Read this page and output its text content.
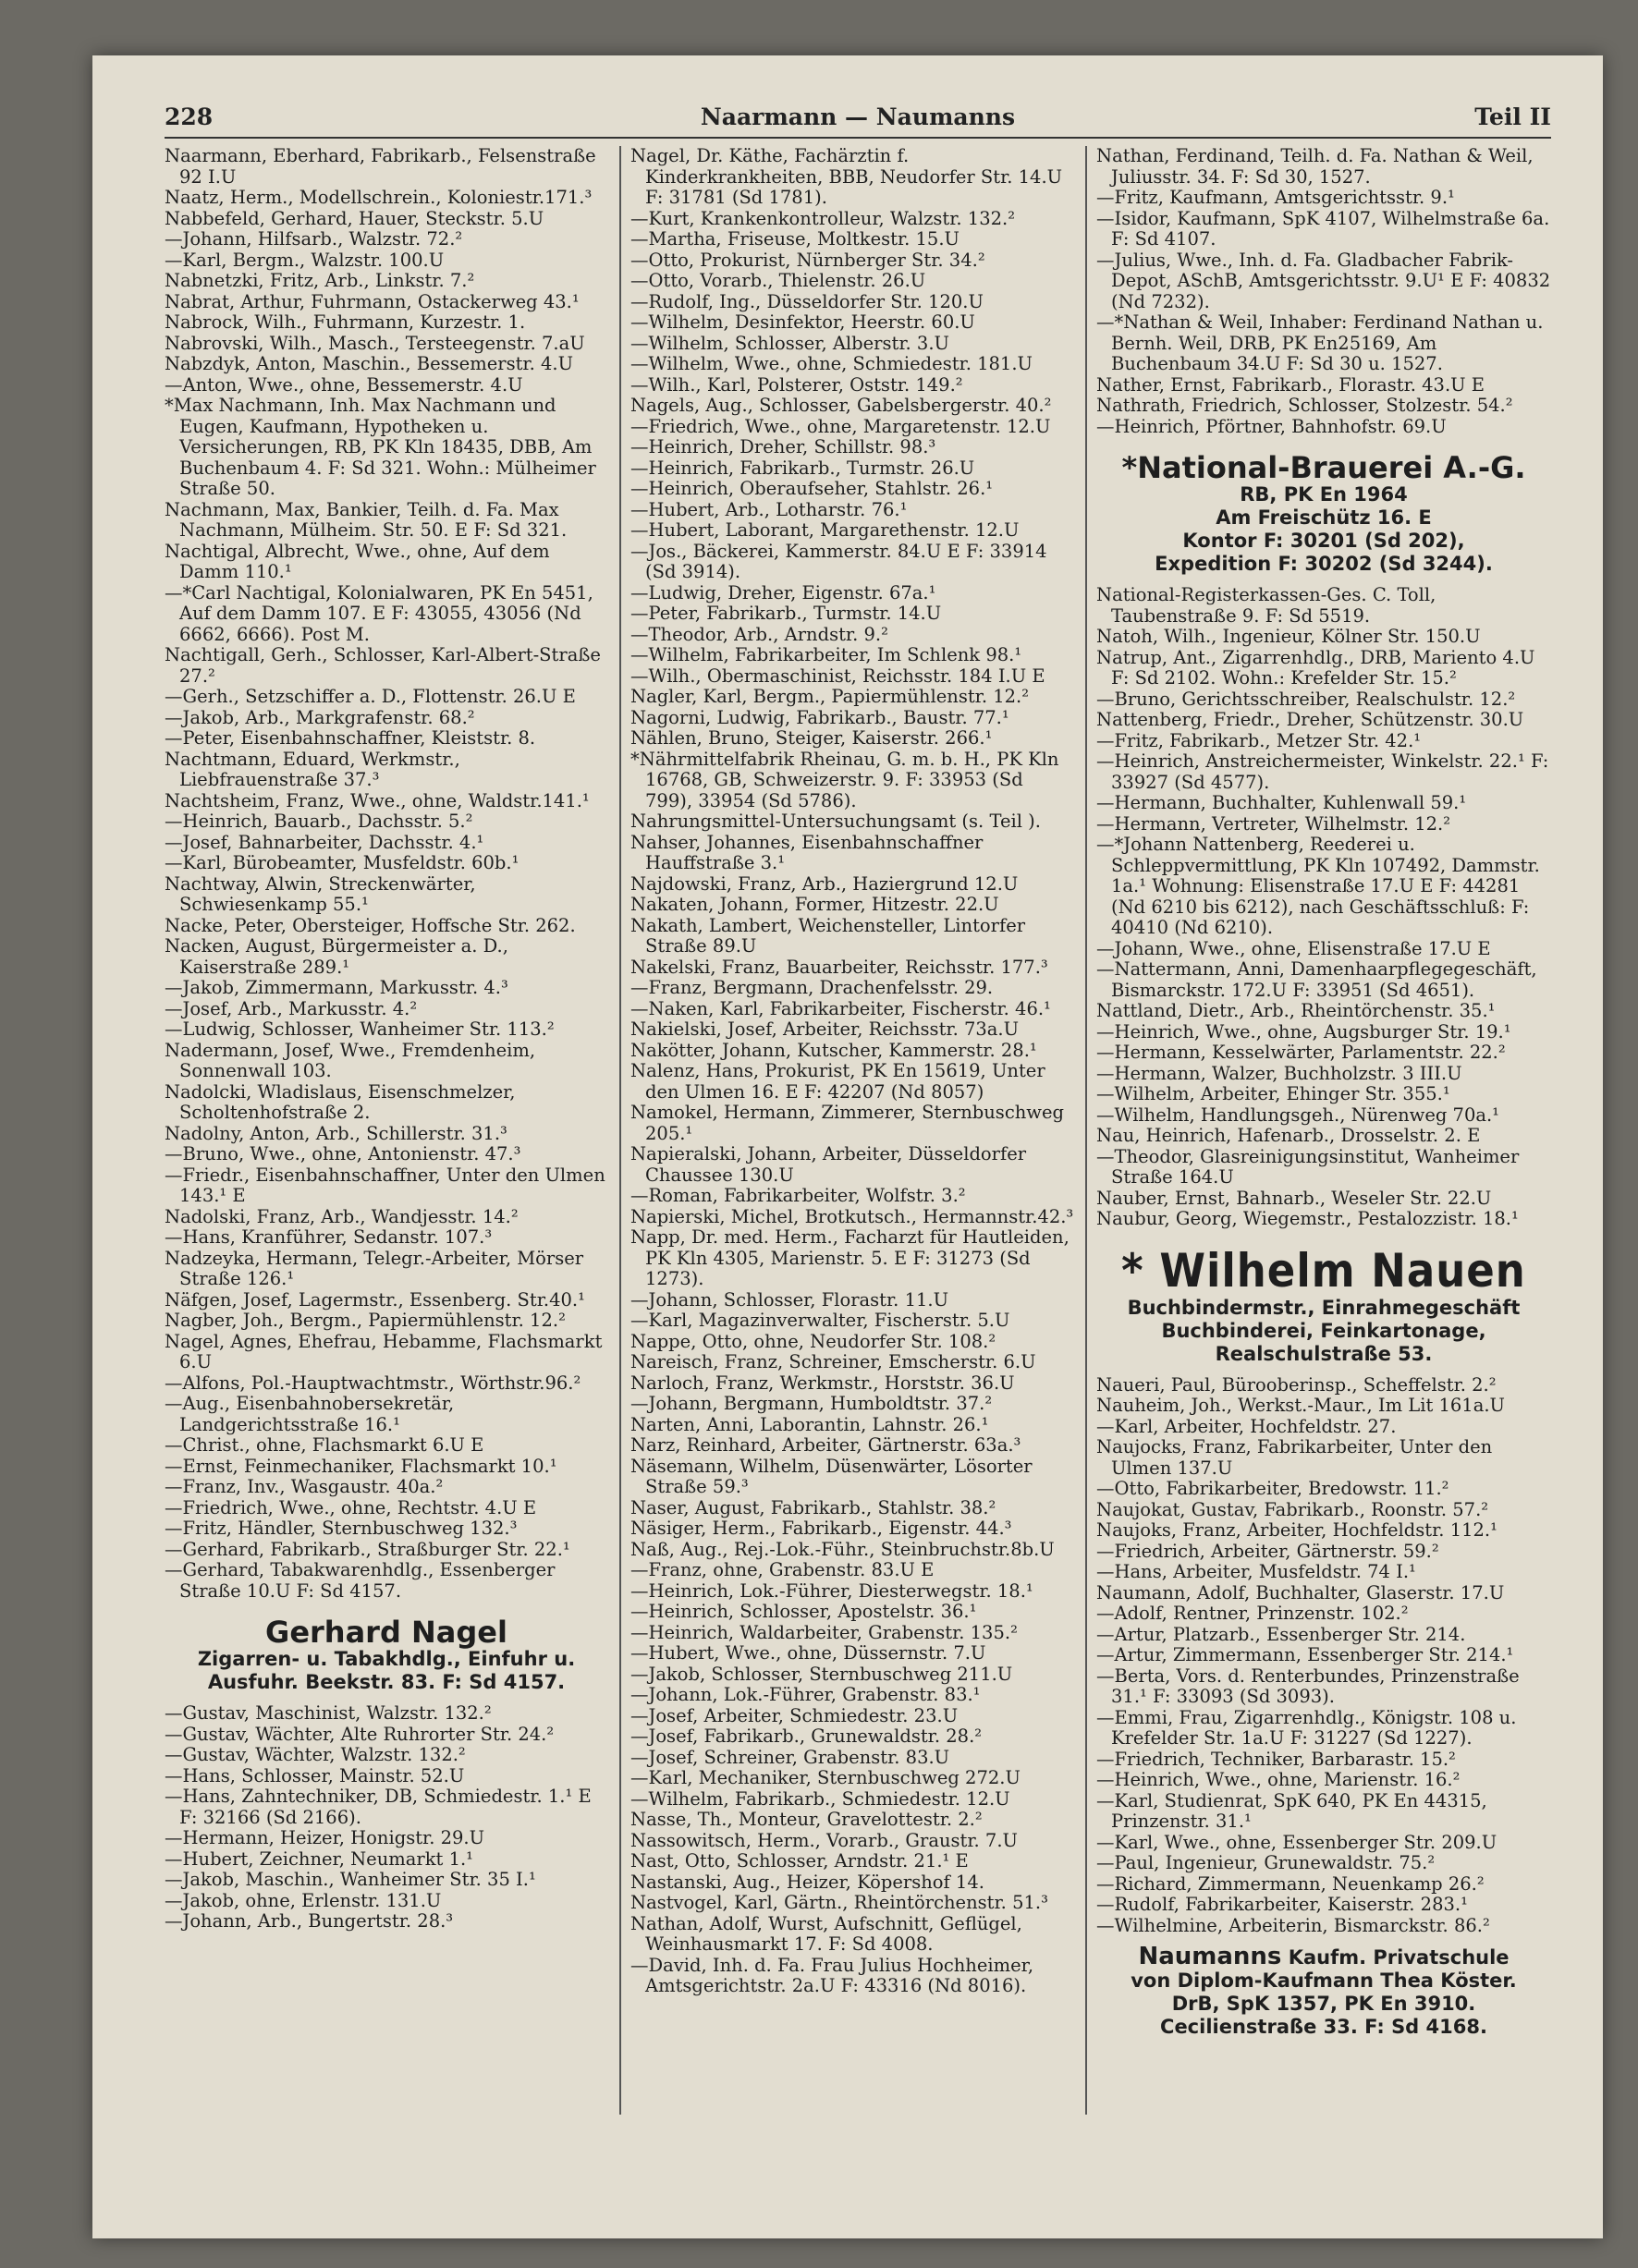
228	Naarmann — Naumanns	Teil II

Naarmann, Eberhard, Fabrikarb., Felsenstraße 92 I.U

Naatz, Herm., Modellschrein., Koloniestr.171.³

Nabbefeld, Gerhard, Hauer, Steckstr. 5.U

—Johann, Hilfsarb., Walzstr. 72.²

—Karl, Bergm., Walzstr. 100.U

Nabnetzki, Fritz, Arb., Linkstr. 7.²

Nabrat, Arthur, Fuhrmann, Ostackerweg 43.¹

Nabrock, Wilh., Fuhrmann, Kurzestr. 1.

Nabrovski, Wilh., Masch., Tersteegenstr. 7.aU

Nabzdyk, Anton, Maschin., Bessemerstr. 4.U

—Anton, Wwe., ohne, Bessemerstr. 4.U

*Max Nachmann, Inh. Max Nachmann und Eugen, Kaufmann, Hypotheken u. Versicherungen, RB, PK Kln 18435, DBB, Am Buchenbaum 4. F: Sd 321. Wohn.: Mülheimer Straße 50.

Nachmann, Max, Bankier, Teilh. d. Fa. Max Nachmann, Mülheim. Str. 50. E F: Sd 321.

Nachtigal, Albrecht, Wwe., ohne, Auf dem Damm 110.¹

—*Carl Nachtigal, Kolonialwaren, PK En 5451, Auf dem Damm 107. E F: 43055, 43056 (Nd 6662, 6666). Post M.

Nachtigall, Gerh., Schlosser, Karl-Albert-Straße 27.²

—Gerh., Setzschiffer a. D., Flottenstr. 26.U E

—Jakob, Arb., Markgrafenstr. 68.²

—Peter, Eisenbahnschaffner, Kleiststr. 8.

Nachtmann, Eduard, Werkmstr., Liebfrauenstraße 37.³

Nachtsheim, Franz, Wwe., ohne, Waldstr.141.¹

—Heinrich, Bauarb., Dachsstr. 5.²

—Josef, Bahnarbeiter, Dachsstr. 4.¹

—Karl, Bürobeamter, Musfeldstr. 60b.¹

Nachtway, Alwin, Streckenwärter, Schwiesenkamp 55.¹

Nacke, Peter, Obersteiger, Hoffsche Str. 262.

Nacken, August, Bürgermeister a. D., Kaiserstraße 289.¹

—Jakob, Zimmermann, Markusstr. 4.³

—Josef, Arb., Markusstr. 4.²

—Ludwig, Schlosser, Wanheimer Str. 113.²

Nadermann, Josef, Wwe., Fremdenheim, Sonnenwall 103.

Nadolcki, Wladislaus, Eisenschmelzer, Scholtenhofstraße 2.

Nadolny, Anton, Arb., Schillerstr. 31.³

—Bruno, Wwe., ohne, Antonienstr. 47.³

—Friedr., Eisenbahnschaffner, Unter den Ulmen 143.¹ E

Nadolski, Franz, Arb., Wandjesstr. 14.²

—Hans, Kranführer, Sedanstr. 107.³

Nadzeyka, Hermann, Telegr.-Arbeiter, Mörser Straße 126.¹

Näfgen, Josef, Lagermstr., Essenberg. Str.40.¹

Nagber, Joh., Bergm., Papiermühlenstr. 12.²

Nagel, Agnes, Ehefrau, Hebamme, Flachsmarkt 6.U

—Alfons, Pol.-Hauptwachtmstr., Wörthstr.96.²

—Aug., Eisenbahnobersekretär, Landgerichtsstraße 16.¹

—Christ., ohne, Flachsmarkt 6.U E

—Ernst, Feinmechaniker, Flachsmarkt 10.¹

—Franz, Inv., Wasgaustr. 40a.²

—Friedrich, Wwe., ohne, Rechtstr. 4.U E

—Fritz, Händler, Sternbuschweg 132.³

—Gerhard, Fabrikarb., Straßburger Str. 22.¹

—Gerhard, Tabakwarenhdlg., Essenberger Straße 10.U F: Sd 4157.

Gerhard Nagel
Zigarren- u. Tabakhdlg., Einfuhr u.
Ausfuhr. Beekstr. 83. F: Sd 4157.

—Gustav, Maschinist, Walzstr. 132.²

—Gustav, Wächter, Alte Ruhrorter Str. 24.²

—Gustav, Wächter, Walzstr. 132.²

—Hans, Schlosser, Mainstr. 52.U

—Hans, Zahntechniker, DB, Schmiedestr. 1.¹ E F: 32166 (Sd 2166).

—Hermann, Heizer, Honigstr. 29.U

—Hubert, Zeichner, Neumarkt 1.¹

—Jakob, Maschin., Wanheimer Str. 35 I.¹

—Jakob, ohne, Erlenstr. 131.U

—Johann, Arb., Bungertstr. 28.³

Nagel, Dr. Käthe, Fachärztin f. Kinderkrankheiten, BBB, Neudorfer Str. 14.U F: 31781 (Sd 1781).

—Kurt, Krankenkontrolleur, Walzstr. 132.²

—Martha, Friseuse, Moltkestr. 15.U

—Otto, Prokurist, Nürnberger Str. 34.²

—Otto, Vorarb., Thielenstr. 26.U

—Rudolf, Ing., Düsseldorfer Str. 120.U

—Wilhelm, Desinfektor, Heerstr. 60.U

—Wilhelm, Schlosser, Alberstr. 3.U

—Wilhelm, Wwe., ohne, Schmiedestr. 181.U

—Wilh., Karl, Polsterer, Oststr. 149.²

Nagels, Aug., Schlosser, Gabelsbergerstr. 40.²

—Friedrich, Wwe., ohne, Margaretenstr. 12.U

—Heinrich, Dreher, Schillstr. 98.³

—Heinrich, Fabrikarb., Turmstr. 26.U

—Heinrich, Oberaufseher, Stahlstr. 26.¹

—Hubert, Arb., Lotharstr. 76.¹

—Hubert, Laborant, Margarethenstr. 12.U

—Jos., Bäckerei, Kammerstr. 84.U E F: 33914 (Sd 3914).

—Ludwig, Dreher, Eigenstr. 67a.¹

—Peter, Fabrikarb., Turmstr. 14.U

—Theodor, Arb., Arndstr. 9.²

—Wilhelm, Fabrikarbeiter, Im Schlenk 98.¹

—Wilh., Obermaschinist, Reichsstr. 184 I.U E

Nagler, Karl, Bergm., Papiermühlenstr. 12.²

Nagorni, Ludwig, Fabrikarb., Baustr. 77.¹

Nählen, Bruno, Steiger, Kaiserstr. 266.¹

*Nährmittelfabrik Rheinau, G. m. b. H., PK Kln 16768, GB, Schweizerstr. 9. F: 33953 (Sd 799), 33954 (Sd 5786).

Nahrungsmittel-Untersuchungsamt (s. Teil ).

Nahser, Johannes, Eisenbahnschaffner Hauffstraße 3.¹

Najdowski, Franz, Arb., Haziergrund 12.U

Nakaten, Johann, Former, Hitzestr. 22.U

Nakath, Lambert, Weichensteller, Lintorfer Straße 89.U

Nakelski, Franz, Bauarbeiter, Reichsstr. 177.³

—Franz, Bergmann, Drachenfelsstr. 29.

—Naken, Karl, Fabrikarbeiter, Fischerstr. 46.¹

Nakielski, Josef, Arbeiter, Reichsstr. 73a.U

Nakötter, Johann, Kutscher, Kammerstr. 28.¹

Nalenz, Hans, Prokurist, PK En 15619, Unter den Ulmen 16. E F: 42207 (Nd 8057)

Namokel, Hermann, Zimmerer, Sternbuschweg 205.¹

Napieralski, Johann, Arbeiter, Düsseldorfer Chaussee 130.U

—Roman, Fabrikarbeiter, Wolfstr. 3.²

Napierski, Michel, Brotkutsch., Hermannstr.42.³

Napp, Dr. med. Herm., Facharzt für Hautleiden, PK Kln 4305, Marienstr. 5. E F: 31273 (Sd 1273).

—Johann, Schlosser, Florastr. 11.U

—Karl, Magazinverwalter, Fischerstr. 5.U

Nappe, Otto, ohne, Neudorfer Str. 108.²

Nareisch, Franz, Schreiner, Emscherstr. 6.U

Narloch, Franz, Werkmstr., Horststr. 36.U

—Johann, Bergmann, Humboldtstr. 37.²

Narten, Anni, Laborantin, Lahnstr. 26.¹

Narz, Reinhard, Arbeiter, Gärtnerstr. 63a.³

Näsemann, Wilhelm, Düsenwärter, Lösorter Straße 59.³

Naser, August, Fabrikarb., Stahlstr. 38.²

Näsiger, Herm., Fabrikarb., Eigenstr. 44.³

Naß, Aug., Rej.-Lok.-Führ., Steinbruchstr.8b.U

—Franz, ohne, Grabenstr. 83.U E

—Heinrich, Lok.-Führer, Diesterwegstr. 18.¹

—Heinrich, Schlosser, Apostelstr. 36.¹

—Heinrich, Waldarbeiter, Grabenstr. 135.²

—Hubert, Wwe., ohne, Düssernstr. 7.U

—Jakob, Schlosser, Sternbuschweg 211.U

—Johann, Lok.-Führer, Grabenstr. 83.¹

—Josef, Arbeiter, Schmiedestr. 23.U

—Josef, Fabrikarb., Grunewaldstr. 28.²

—Josef, Schreiner, Grabenstr. 83.U

—Karl, Mechaniker, Sternbuschweg 272.U

—Wilhelm, Fabrikarb., Schmiedestr. 12.U

Nasse, Th., Monteur, Gravelottestr. 2.²

Nassowitsch, Herm., Vorarb., Graustr. 7.U

Nast, Otto, Schlosser, Arndstr. 21.¹ E

Nastanski, Aug., Heizer, Köpershof 14.

Nastvogel, Karl, Gärtn., Rheintörchenstr. 51.³

Nathan, Adolf, Wurst, Aufschnitt, Geflügel, Weinhausmarkt 17. F: Sd 4008.

—David, Inh. d. Fa. Frau Julius Hochheimer, Amtsgerichtstr. 2a.U F: 43316 (Nd 8016).

Nathan, Ferdinand, Teilh. d. Fa. Nathan & Weil, Juliusstr. 34. F: Sd 30, 1527.

—Fritz, Kaufmann, Amtsgerichtsstr. 9.¹

—Isidor, Kaufmann, SpK 4107, Wilhelmstraße 6a. F: Sd 4107.

—Julius, Wwe., Inh. d. Fa. Gladbacher Fabrik-Depot, ASchB, Amtsgerichtsstr. 9.U¹ E F: 40832 (Nd 7232).

—*Nathan & Weil, Inhaber: Ferdinand Nathan u. Bernh. Weil, DRB, PK En25169, Am Buchenbaum 34.U F: Sd 30 u. 1527.

Nather, Ernst, Fabrikarb., Florastr. 43.U E

Nathrath, Friedrich, Schlosser, Stolzestr. 54.²

—Heinrich, Pförtner, Bahnhofstr. 69.U

*National-Brauerei A.-G.
RB, PK En 1964
Am Freischütz 16. E
Kontor F: 30201 (Sd 202),
Expedition F: 30202 (Sd 3244).

National-Registerkassen-Ges. C. Toll, Taubenstraße 9. F: Sd 5519.

Natoh, Wilh., Ingenieur, Kölner Str. 150.U

Natrup, Ant., Zigarrenhdlg., DRB, Mariento 4.U F: Sd 2102. Wohn.: Krefelder Str. 15.²

—Bruno, Gerichtsschreiber, Realschulstr. 12.²

Nattenberg, Friedr., Dreher, Schützenstr. 30.U

—Fritz, Fabrikarb., Metzer Str. 42.¹

—Heinrich, Anstreichermeister, Winkelstr. 22.¹ F: 33927 (Sd 4577).

—Hermann, Buchhalter, Kuhlenwall 59.¹

—Hermann, Vertreter, Wilhelmstr. 12.²

—*Johann Nattenberg, Reederei u. Schleppvermittlung, PK Kln 107492, Dammstr. 1a.¹ Wohnung: Elisenstraße 17.U E F: 44281 (Nd 6210 bis 6212), nach Geschäftsschluß: F: 40410 (Nd 6210).

—Johann, Wwe., ohne, Elisenstraße 17.U E

—Nattermann, Anni, Damenhaarpflegegeschäft, Bismarckstr. 172.U F: 33951 (Sd 4651).

Nattland, Dietr., Arb., Rheintörchenstr. 35.¹

—Heinrich, Wwe., ohne, Augsburger Str. 19.¹

—Hermann, Kesselwärter, Parlamentstr. 22.²

—Hermann, Walzer, Buchholzstr. 3 III.U

—Wilhelm, Arbeiter, Ehinger Str. 355.¹

—Wilhelm, Handlungsgeh., Nürenweg 70a.¹

Nau, Heinrich, Hafenarb., Drosselstr. 2. E

—Theodor, Glasreinigungsinstitut, Wanheimer Straße 164.U

Nauber, Ernst, Bahnarb., Weseler Str. 22.U

Naubur, Georg, Wiegemstr., Pestalozzistr. 18.¹

* Wilhelm Nauen
Buchbindermstr., Einrahmegeschäft
Buchbinderei, Feinkartonage,
Realschulstraße 53.

Naueri, Paul, Bürooberinsp., Scheffelstr. 2.²

Nauheim, Joh., Werkst.-Maur., Im Lit 161a.U

—Karl, Arbeiter, Hochfeldstr. 27.

Naujocks, Franz, Fabrikarbeiter, Unter den Ulmen 137.U

—Otto, Fabrikarbeiter, Bredowstr. 11.²

Naujokat, Gustav, Fabrikarb., Roonstr. 57.²

Naujoks, Franz, Arbeiter, Hochfeldstr. 112.¹

—Friedrich, Arbeiter, Gärtnerstr. 59.²

—Hans, Arbeiter, Musfeldstr. 74 I.¹

Naumann, Adolf, Buchhalter, Glaserstr. 17.U

—Adolf, Rentner, Prinzenstr. 102.²

—Artur, Platzarb., Essenberger Str. 214.

—Artur, Zimmermann, Essenberger Str. 214.¹

—Berta, Vors. d. Renterbundes, Prinzenstraße 31.¹ F: 33093 (Sd 3093).

—Emmi, Frau, Zigarrenhdlg., Königstr. 108 u. Krefelder Str. 1a.U F: 31227 (Sd 1227).

—Friedrich, Techniker, Barbarastr. 15.²

—Heinrich, Wwe., ohne, Marienstr. 16.²

—Karl, Studienrat, SpK 640, PK En 44315, Prinzenstr. 31.¹

—Karl, Wwe., ohne, Essenberger Str. 209.U

—Paul, Ingenieur, Grunewaldstr. 75.²

—Richard, Zimmermann, Neuenkamp 26.²

—Rudolf, Fabrikarbeiter, Kaiserstr. 283.¹

—Wilhelmine, Arbeiterin, Bismarckstr. 86.²

Naumanns Kaufm. Privatschule
von Diplom-Kaufmann Thea Köster.
DrB, SpK 1357, PK En 3910.
Cecilienstraße 33. F: Sd 4168.
